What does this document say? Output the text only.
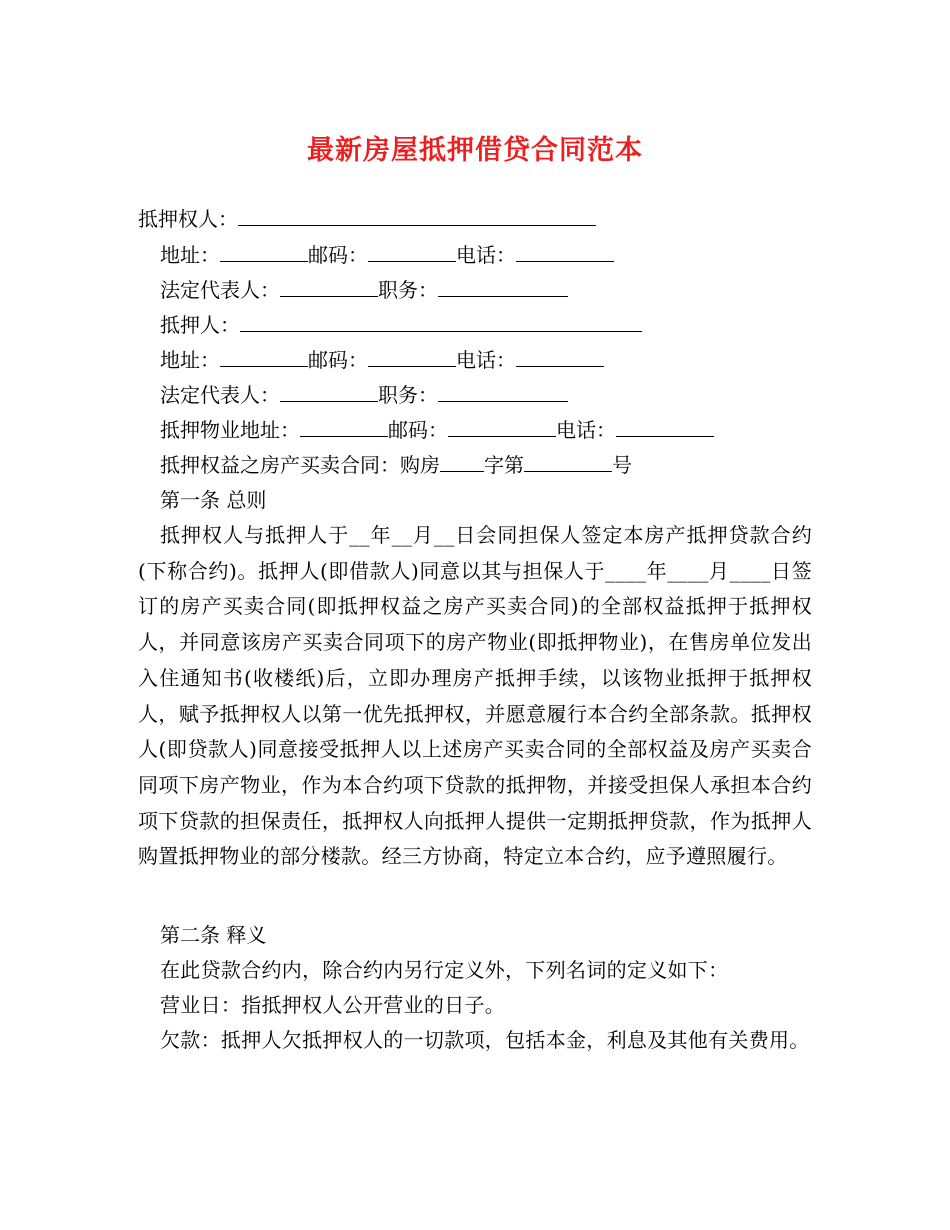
最新房屋抵押借贷合同范本
抵押权人：
地址：	邮码：	电话：
法定代表人：	职务：
抵押人：
地址：	邮码：	电话：
法定代表人：	职务：
抵押物业地址：	邮码：	电话：
抵押权益之房产买卖合同：购房 字第	号
第一条 总则
抵押权人与抵押人于__年__月__日会同担保人签定本房产抵押贷款合约(下称合约)。抵押人(即借款人)同意以其与担保人于____年____月____日签订的房产买卖合同(即抵押权益之房产买卖合同)的全部权益抵押于抵押权人，并同意该房产买卖合同项下的房产物业(即抵押物业)，在售房单位发出入住通知书(收楼纸)后，立即办理房产抵押手续，以该物业抵押于抵押权人，赋予抵押权人以第一优先抵押权，并愿意履行本合约全部条款。抵押权人(即贷款人)同意接受抵押人以上述房产买卖合同的全部权益及房产买卖合同项下房产物业，作为本合约项下贷款的抵押物，并接受担保人承担本合约项下贷款的担保责任，抵押权人向抵押人提供一定期抵押贷款，作为抵押人购置抵押物业的部分楼款。经三方协商，特定立本合约，应予遵照履行。
第二条 释义
在此贷款合约内，除合约内另行定义外，下列名词的定义如下：
营业日：指抵押权人公开营业的日子。
欠款：抵押人欠抵押权人的一切款项，包括本金，利息及其他有关费用。
